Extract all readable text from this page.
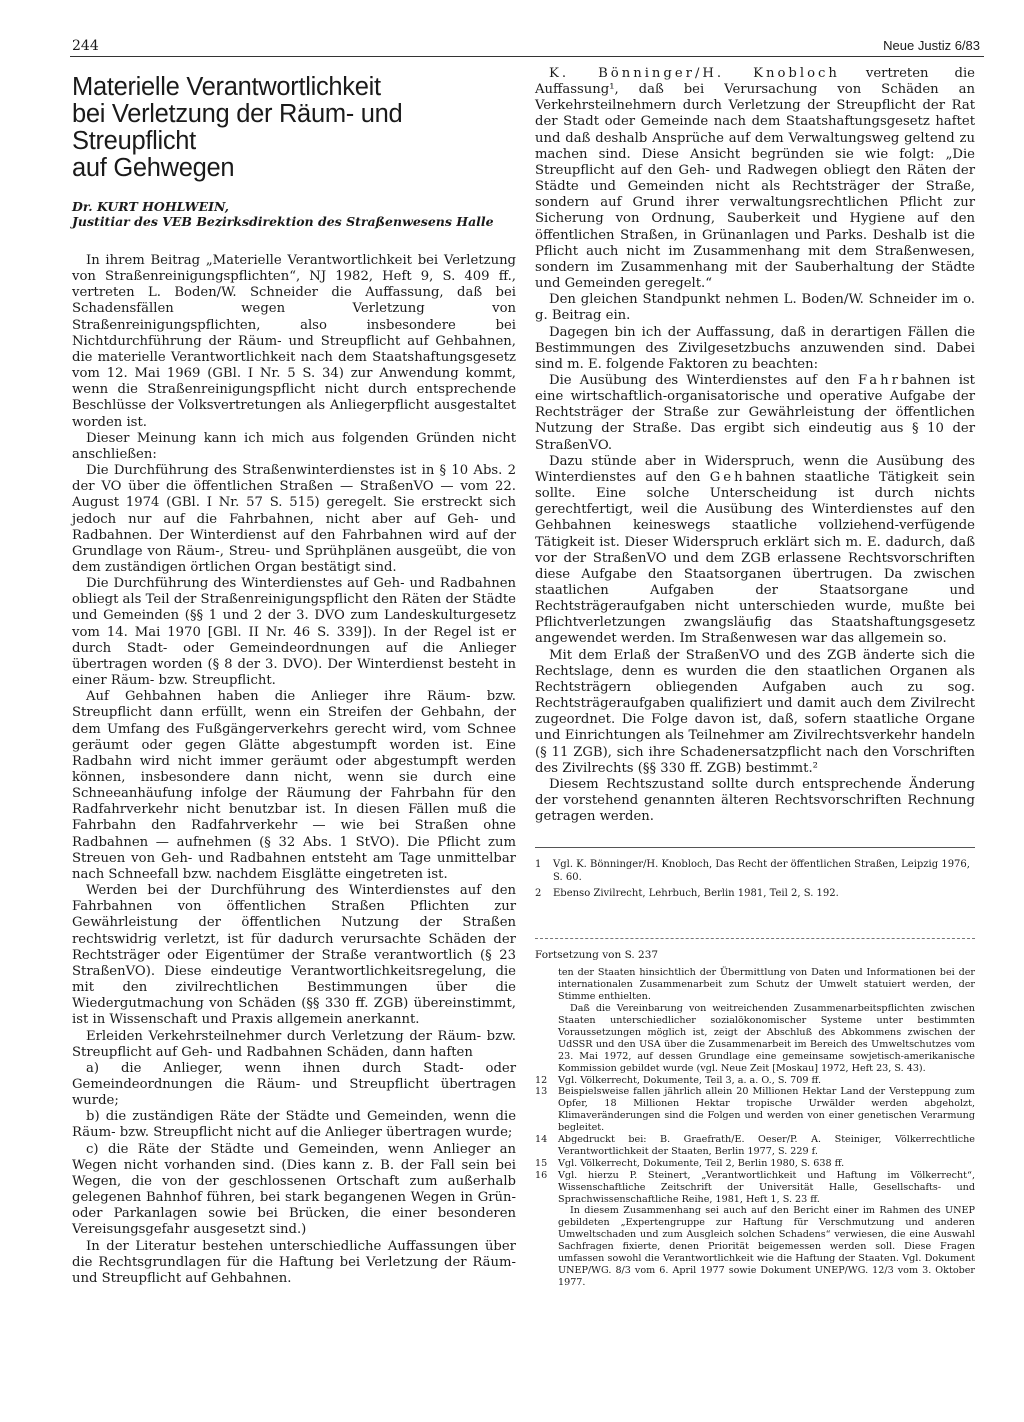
244	Neue Justiz 6/83
Materielle Verantwortlichkeit
bei Verletzung der Räum- und Streupflicht
auf Gehwegen
Dr. KURT HOHLWEIN,
Justitiar des VEB Bezirksdirektion des Straßenwesens Halle

In ihrem Beitrag „Materielle Verantwortlichkeit bei Verletzung von Straßenreinigungspflichten“, NJ 1982, Heft 9, S. 409 ff., vertreten L. Boden/W. Schneider die Auffassung, daß bei Schadensfällen wegen Verletzung von Straßenreinigungspflichten, also insbesondere bei Nichtdurchführung der Räum- und Streupflicht auf Gehbahnen, die materielle Verantwortlichkeit nach dem Staatshaftungsgesetz vom 12. Mai 1969 (GBl. I Nr. 5 S. 34) zur Anwendung kommt, wenn die Straßenreinigungspflicht nicht durch entsprechende Beschlüsse der Volksvertretungen als Anliegerpflicht ausgestaltet worden ist.

Dieser Meinung kann ich mich aus folgenden Gründen nicht anschließen:

Die Durchführung des Straßenwinterdienstes ist in § 10 Abs. 2 der VO über die öffentlichen Straßen — StraßenVO — vom 22. August 1974 (GBl. I Nr. 57 S. 515) geregelt. Sie erstreckt sich jedoch nur auf die Fahrbahnen, nicht aber auf Geh- und Radbahnen. Der Winterdienst auf den Fahrbahnen wird auf der Grundlage von Räum-, Streu- und Sprühplänen ausgeübt, die von dem zuständigen örtlichen Organ bestätigt sind.

Die Durchführung des Winterdienstes auf Geh- und Radbahnen obliegt als Teil der Straßenreinigungspflicht den Räten der Städte und Gemeinden (§§ 1 und 2 der 3. DVO zum Landeskulturgesetz vom 14. Mai 1970 [GBl. II Nr. 46 S. 339]). In der Regel ist er durch Stadt- oder Gemeindeordnungen auf die Anlieger übertragen worden (§ 8 der 3. DVO). Der Winterdienst besteht in einer Räum- bzw. Streupflicht.

Auf Gehbahnen haben die Anlieger ihre Räum- bzw. Streupflicht dann erfüllt, wenn ein Streifen der Gehbahn, der dem Umfang des Fußgängerverkehrs gerecht wird, vom Schnee geräumt oder gegen Glätte abgestumpft worden ist. Eine Radbahn wird nicht immer geräumt oder abgestumpft werden können, insbesondere dann nicht, wenn sie durch eine Schneeanhäufung infolge der Räumung der Fahrbahn für den Radfahrverkehr nicht benutzbar ist. In diesen Fällen muß die Fahrbahn den Radfahrverkehr — wie bei Straßen ohne Radbahnen — aufnehmen (§ 32 Abs. 1 StVO). Die Pflicht zum Streuen von Geh- und Radbahnen entsteht am Tage unmittelbar nach Schneefall bzw. nachdem Eisglätte eingetreten ist.

Werden bei der Durchführung des Winterdienstes auf den Fahrbahnen von öffentlichen Straßen Pflichten zur Gewährleistung der öffentlichen Nutzung der Straßen rechtswidrig verletzt, ist für dadurch verursachte Schäden der Rechtsträger oder Eigentümer der Straße verantwortlich (§ 23 StraßenVO). Diese eindeutige Verantwortlichkeitsregelung, die mit den zivilrechtlichen Bestimmungen über die Wiedergutmachung von Schäden (§§ 330 ff. ZGB) übereinstimmt, ist in Wissenschaft und Praxis allgemein anerkannt.

Erleiden Verkehrsteilnehmer durch Verletzung der Räum- bzw. Streupflicht auf Geh- und Radbahnen Schäden, dann haften

a) die Anlieger, wenn ihnen durch Stadt- oder Gemeindeordnungen die Räum- und Streupflicht übertragen wurde;

b) die zuständigen Räte der Städte und Gemeinden, wenn die Räum- bzw. Streupflicht nicht auf die Anlieger übertragen wurde;

c) die Räte der Städte und Gemeinden, wenn Anlieger an Wegen nicht vorhanden sind. (Dies kann z. B. der Fall sein bei Wegen, die von der geschlossenen Ortschaft zum außerhalb gelegenen Bahnhof führen, bei stark begangenen Wegen in Grün- oder Parkanlagen sowie bei Brücken, die einer besonderen Vereisungsgefahr ausgesetzt sind.)

In der Literatur bestehen unterschiedliche Auffassungen über die Rechtsgrundlagen für die Haftung bei Verletzung der Räum- und Streupflicht auf Gehbahnen.

K. Bönninger/H. Knobloch vertreten die Auffassung¹, daß bei Verursachung von Schäden an Verkehrsteilnehmern durch Verletzung der Streupflicht der Rat der Stadt oder Gemeinde nach dem Staatshaftungsgesetz haftet und daß deshalb Ansprüche auf dem Verwaltungsweg geltend zu machen sind. Diese Ansicht begründen sie wie folgt: „Die Streupflicht auf den Geh- und Radwegen obliegt den Räten der Städte und Gemeinden nicht als Rechtsträger der Straße, sondern auf Grund ihrer verwaltungsrechtlichen Pflicht zur Sicherung von Ordnung, Sauberkeit und Hygiene auf den öffentlichen Straßen, in Grünanlagen und Parks. Deshalb ist die Pflicht auch nicht im Zusammenhang mit dem Straßenwesen, sondern im Zusammenhang mit der Sauberhaltung der Städte und Gemeinden geregelt.“

Den gleichen Standpunkt nehmen L. Boden/W. Schneider im o. g. Beitrag ein.

Dagegen bin ich der Auffassung, daß in derartigen Fällen die Bestimmungen des Zivilgesetzbuchs anzuwenden sind. Dabei sind m. E. folgende Faktoren zu beachten:

Die Ausübung des Winterdienstes auf den Fahrbahnen ist eine wirtschaftlich-organisatorische und operative Aufgabe der Rechtsträger der Straße zur Gewährleistung der öffentlichen Nutzung der Straße. Das ergibt sich eindeutig aus § 10 der StraßenVO.

Dazu stünde aber in Widerspruch, wenn die Ausübung des Winterdienstes auf den Gehbahnen staatliche Tätigkeit sein sollte. Eine solche Unterscheidung ist durch nichts gerechtfertigt, weil die Ausübung des Winterdienstes auf den Gehbahnen keineswegs staatliche vollziehend-verfügende Tätigkeit ist. Dieser Widerspruch erklärt sich m. E. dadurch, daß vor der StraßenVO und dem ZGB erlassene Rechtsvorschriften diese Aufgabe den Staatsorganen übertrugen. Da zwischen staatlichen Aufgaben der Staatsorgane und Rechtsträgeraufgaben nicht unterschieden wurde, mußte bei Pflichtverletzungen zwangsläufig das Staatshaftungsgesetz angewendet werden. Im Straßenwesen war das allgemein so.

Mit dem Erlaß der StraßenVO und des ZGB änderte sich die Rechtslage, denn es wurden die den staatlichen Organen als Rechtsträgern obliegenden Aufgaben auch zu sog. Rechtsträgeraufgaben qualifiziert und damit auch dem Zivilrecht zugeordnet. Die Folge davon ist, daß, sofern staatliche Organe und Einrichtungen als Teilnehmer am Zivilrechtsverkehr handeln (§ 11 ZGB), sich ihre Schadenersatzpflicht nach den Vorschriften des Zivilrechts (§§ 330 ff. ZGB) bestimmt.²

Diesem Rechtszustand sollte durch entsprechende Änderung der vorstehend genannten älteren Rechtsvorschriften Rechnung getragen werden.

1	Vgl. K. Bönninger/H. Knobloch, Das Recht der öffentlichen Straßen, Leipzig 1976, S. 60.
2	Ebenso Zivilrecht, Lehrbuch, Berlin 1981, Teil 2, S. 192.
Fortsetzung von S. 237

ten der Staaten hinsichtlich der Übermittlung von Daten und Informationen bei der internationalen Zusammenarbeit zum Schutz der Umwelt statuiert werden, der Stimme enthielten.

Daß die Vereinbarung von weitreichenden Zusammenarbeitspflichten zwischen Staaten unterschiedlicher sozialökonomischer Systeme unter bestimmten Voraussetzungen möglich ist, zeigt der Abschluß des Abkommens zwischen der UdSSR und den USA über die Zusammenarbeit im Bereich des Umweltschutzes vom 23. Mai 1972, auf dessen Grundlage eine gemeinsame sowjetisch-amerikanische Kommission gebildet wurde (vgl. Neue Zeit [Moskau] 1972, Heft 23, S. 43).

12	Vgl. Völkerrecht, Dokumente, Teil 3, a. a. O., S. 709 ff.
13	Beispielsweise fallen jährlich allein 20 Millionen Hektar Land der Versteppung zum Opfer, 18 Millionen Hektar tropische Urwälder werden abgeholzt, Klimaveränderungen sind die Folgen und werden von einer genetischen Verarmung begleitet.
14	Abgedruckt bei: B. Graefrath/E. Oeser/P. A. Steiniger, Völkerrechtliche Verantwortlichkeit der Staaten, Berlin 1977, S. 229 f.
15	Vgl. Völkerrecht, Dokumente, Teil 2, Berlin 1980, S. 638 ff.
16	Vgl. hierzu P. Steinert, „Verantwortlichkeit und Haftung im Völkerrecht“, Wissenschaftliche Zeitschrift der Universität Halle, Gesellschafts- und Sprachwissenschaftliche Reihe, 1981, Heft 1, S. 23 ff.

In diesem Zusammenhang sei auch auf den Bericht einer im Rahmen des UNEP gebildeten „Expertengruppe zur Haftung für Verschmutzung und anderen Umweltschaden und zum Ausgleich solchen Schadens“ verwiesen, die eine Auswahl Sachfragen fixierte, denen Priorität beigemessen werden soll. Diese Fragen umfassen sowohl die Verantwortlichkeit wie die Haftung der Staaten. Vgl. Dokument UNEP/WG. 8/3 vom 6. April 1977 sowie Dokument UNEP/WG. 12/3 vom 3. Oktober 1977.
